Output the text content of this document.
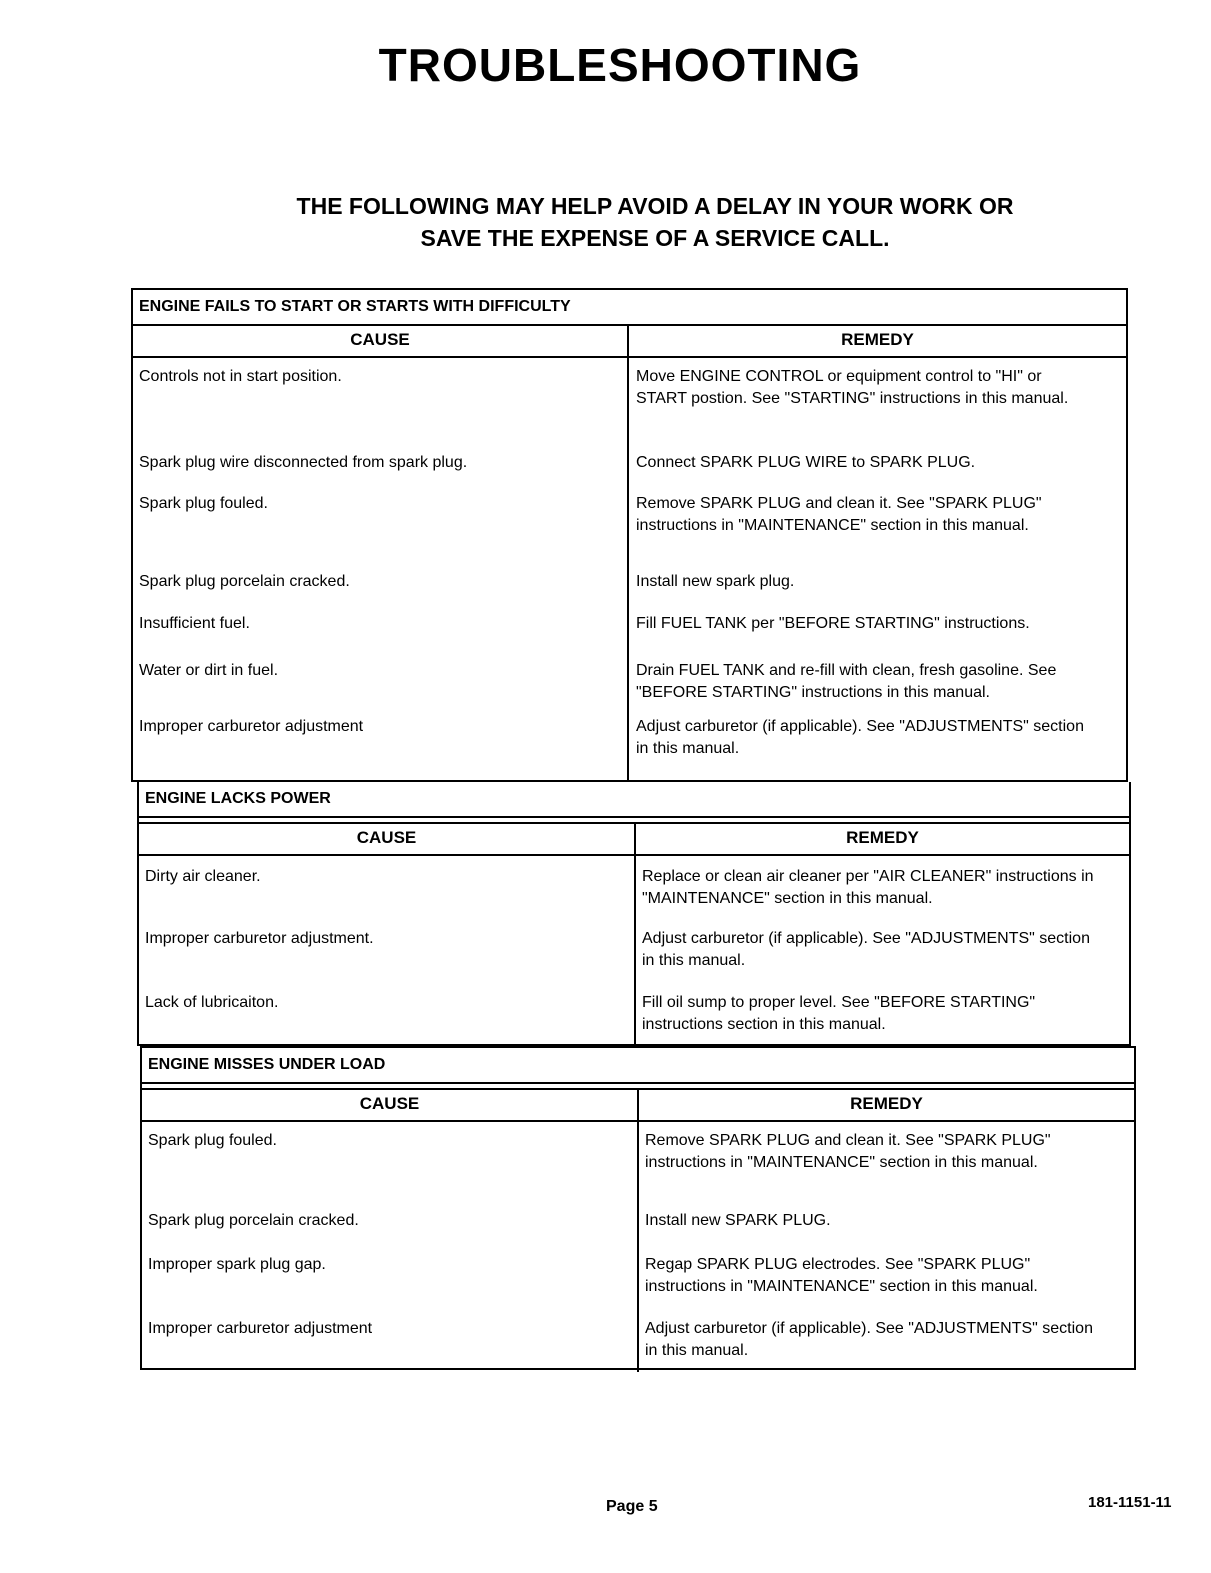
TROUBLESHOOTING
THE FOLLOWING MAY HELP AVOID A DELAY IN YOUR WORK OR
SAVE THE EXPENSE OF A SERVICE CALL.
ENGINE FAILS TO START OR STARTS WITH DIFFICULTY
CAUSE	REMEDY
Controls not in start position.	Move ENGINE CONTROL or equipment control to "HI" or START postion. See "STARTING" instructions in this manual.
Spark plug wire disconnected from spark plug.	Connect SPARK PLUG WIRE to SPARK PLUG.
Spark plug fouled.	Remove SPARK PLUG and clean it. See "SPARK PLUG" instructions in "MAINTENANCE" section in this manual.
Spark plug porcelain cracked.	Install new spark plug.
Insufficient fuel.	Fill FUEL TANK per "BEFORE STARTING" instructions.
Water or dirt in fuel.	Drain FUEL TANK and re-fill with clean, fresh gasoline. See "BEFORE STARTING" instructions in this manual.
Improper carburetor adjustment	Adjust carburetor (if applicable). See "ADJUSTMENTS" section in this manual.
ENGINE LACKS POWER
CAUSE	REMEDY
Dirty air cleaner.	Replace or clean air cleaner per "AIR CLEANER" instructions in "MAINTENANCE" section in this manual.
Improper carburetor adjustment.	Adjust carburetor (if applicable). See "ADJUSTMENTS" section in this manual.
Lack of lubricaiton.	Fill oil sump to proper level. See "BEFORE STARTING" instructions section in this manual.
ENGINE MISSES UNDER LOAD
CAUSE	REMEDY
Spark plug fouled.	Remove SPARK PLUG and clean it. See "SPARK PLUG" instructions in "MAINTENANCE" section in this manual.
Spark plug porcelain cracked.	Install new SPARK PLUG.
Improper spark plug gap.	Regap SPARK PLUG electrodes. See "SPARK PLUG" instructions in "MAINTENANCE" section in this manual.
Improper carburetor adjustment	Adjust carburetor (if applicable). See "ADJUSTMENTS" section in this manual.
Page 5	181-1151-11
